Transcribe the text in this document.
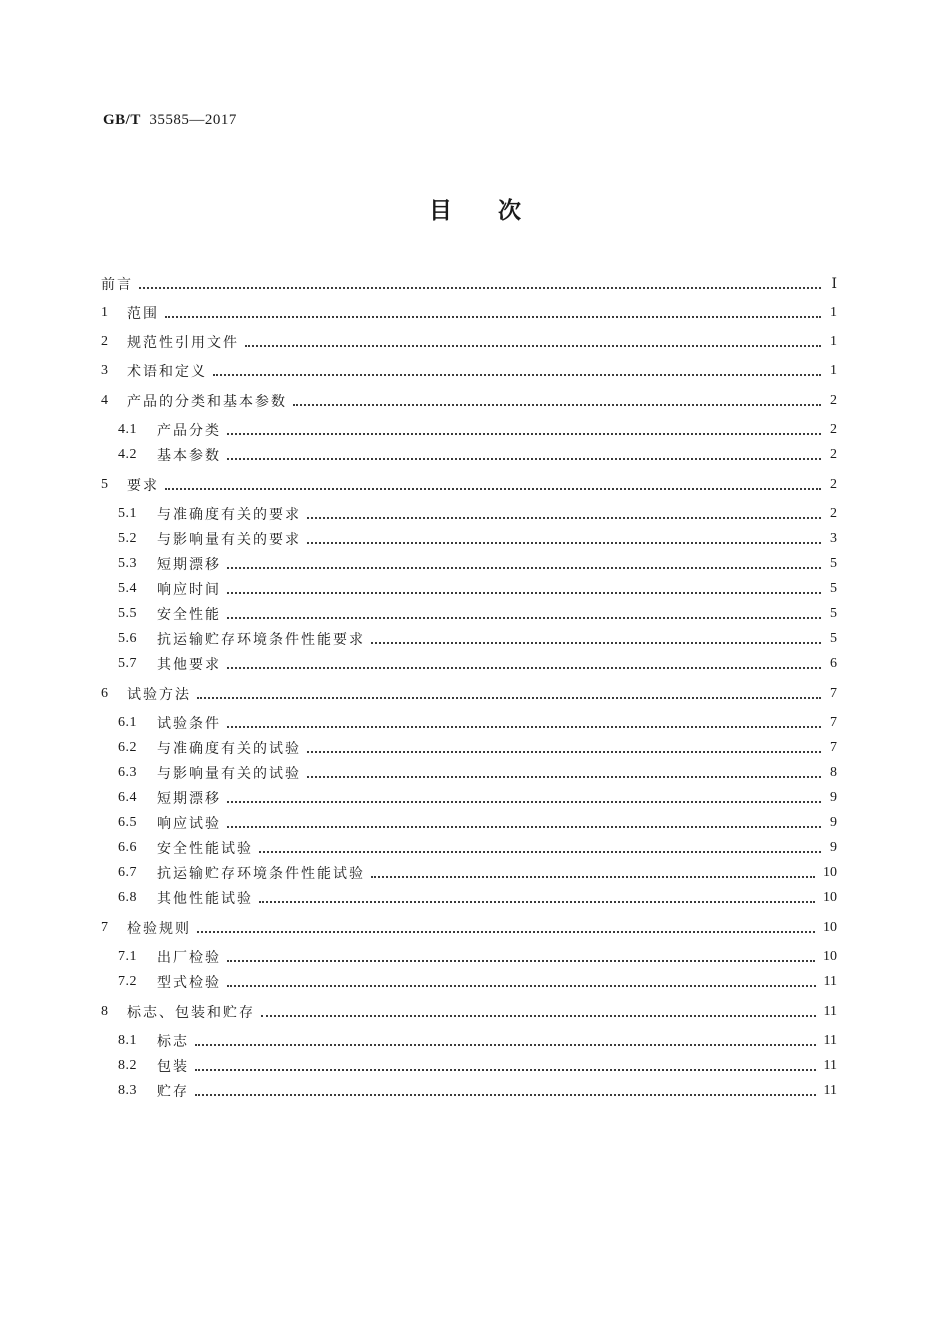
GB/T 35585—2017
目次
前言	Ⅰ
1	范围	1
2	规范性引用文件	1
3	术语和定义	1
4	产品的分类和基本参数	2
4.1	产品分类	2
4.2	基本参数	2
5	要求	2
5.1	与准确度有关的要求	2
5.2	与影响量有关的要求	3
5.3	短期漂移	5
5.4	响应时间	5
5.5	安全性能	5
5.6	抗运输贮存环境条件性能要求	5
5.7	其他要求	6
6	试验方法	7
6.1	试验条件	7
6.2	与准确度有关的试验	7
6.3	与影响量有关的试验	8
6.4	短期漂移	9
6.5	响应试验	9
6.6	安全性能试验	9
6.7	抗运输贮存环境条件性能试验	10
6.8	其他性能试验	10
7	检验规则	10
7.1	出厂检验	10
7.2	型式检验	11
8	标志、包装和贮存	11
8.1	标志	11
8.2	包装	11
8.3	贮存	11
